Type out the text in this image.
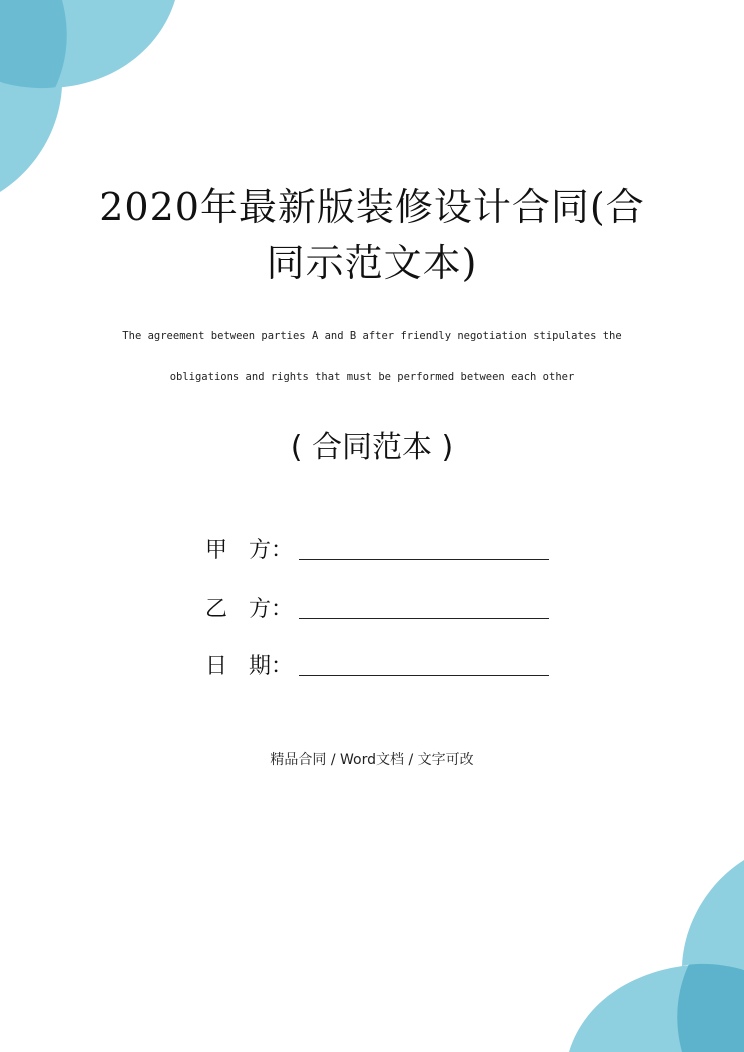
2020年最新版装修设计合同(合
同示范文本)
The agreement between parties A and B after friendly negotiation stipulates the
obligations and rights that must be performed between each other
( 合同范本 )
甲　方：
乙　方：
日　期：
精品合同 / Word文档 / 文字可改
